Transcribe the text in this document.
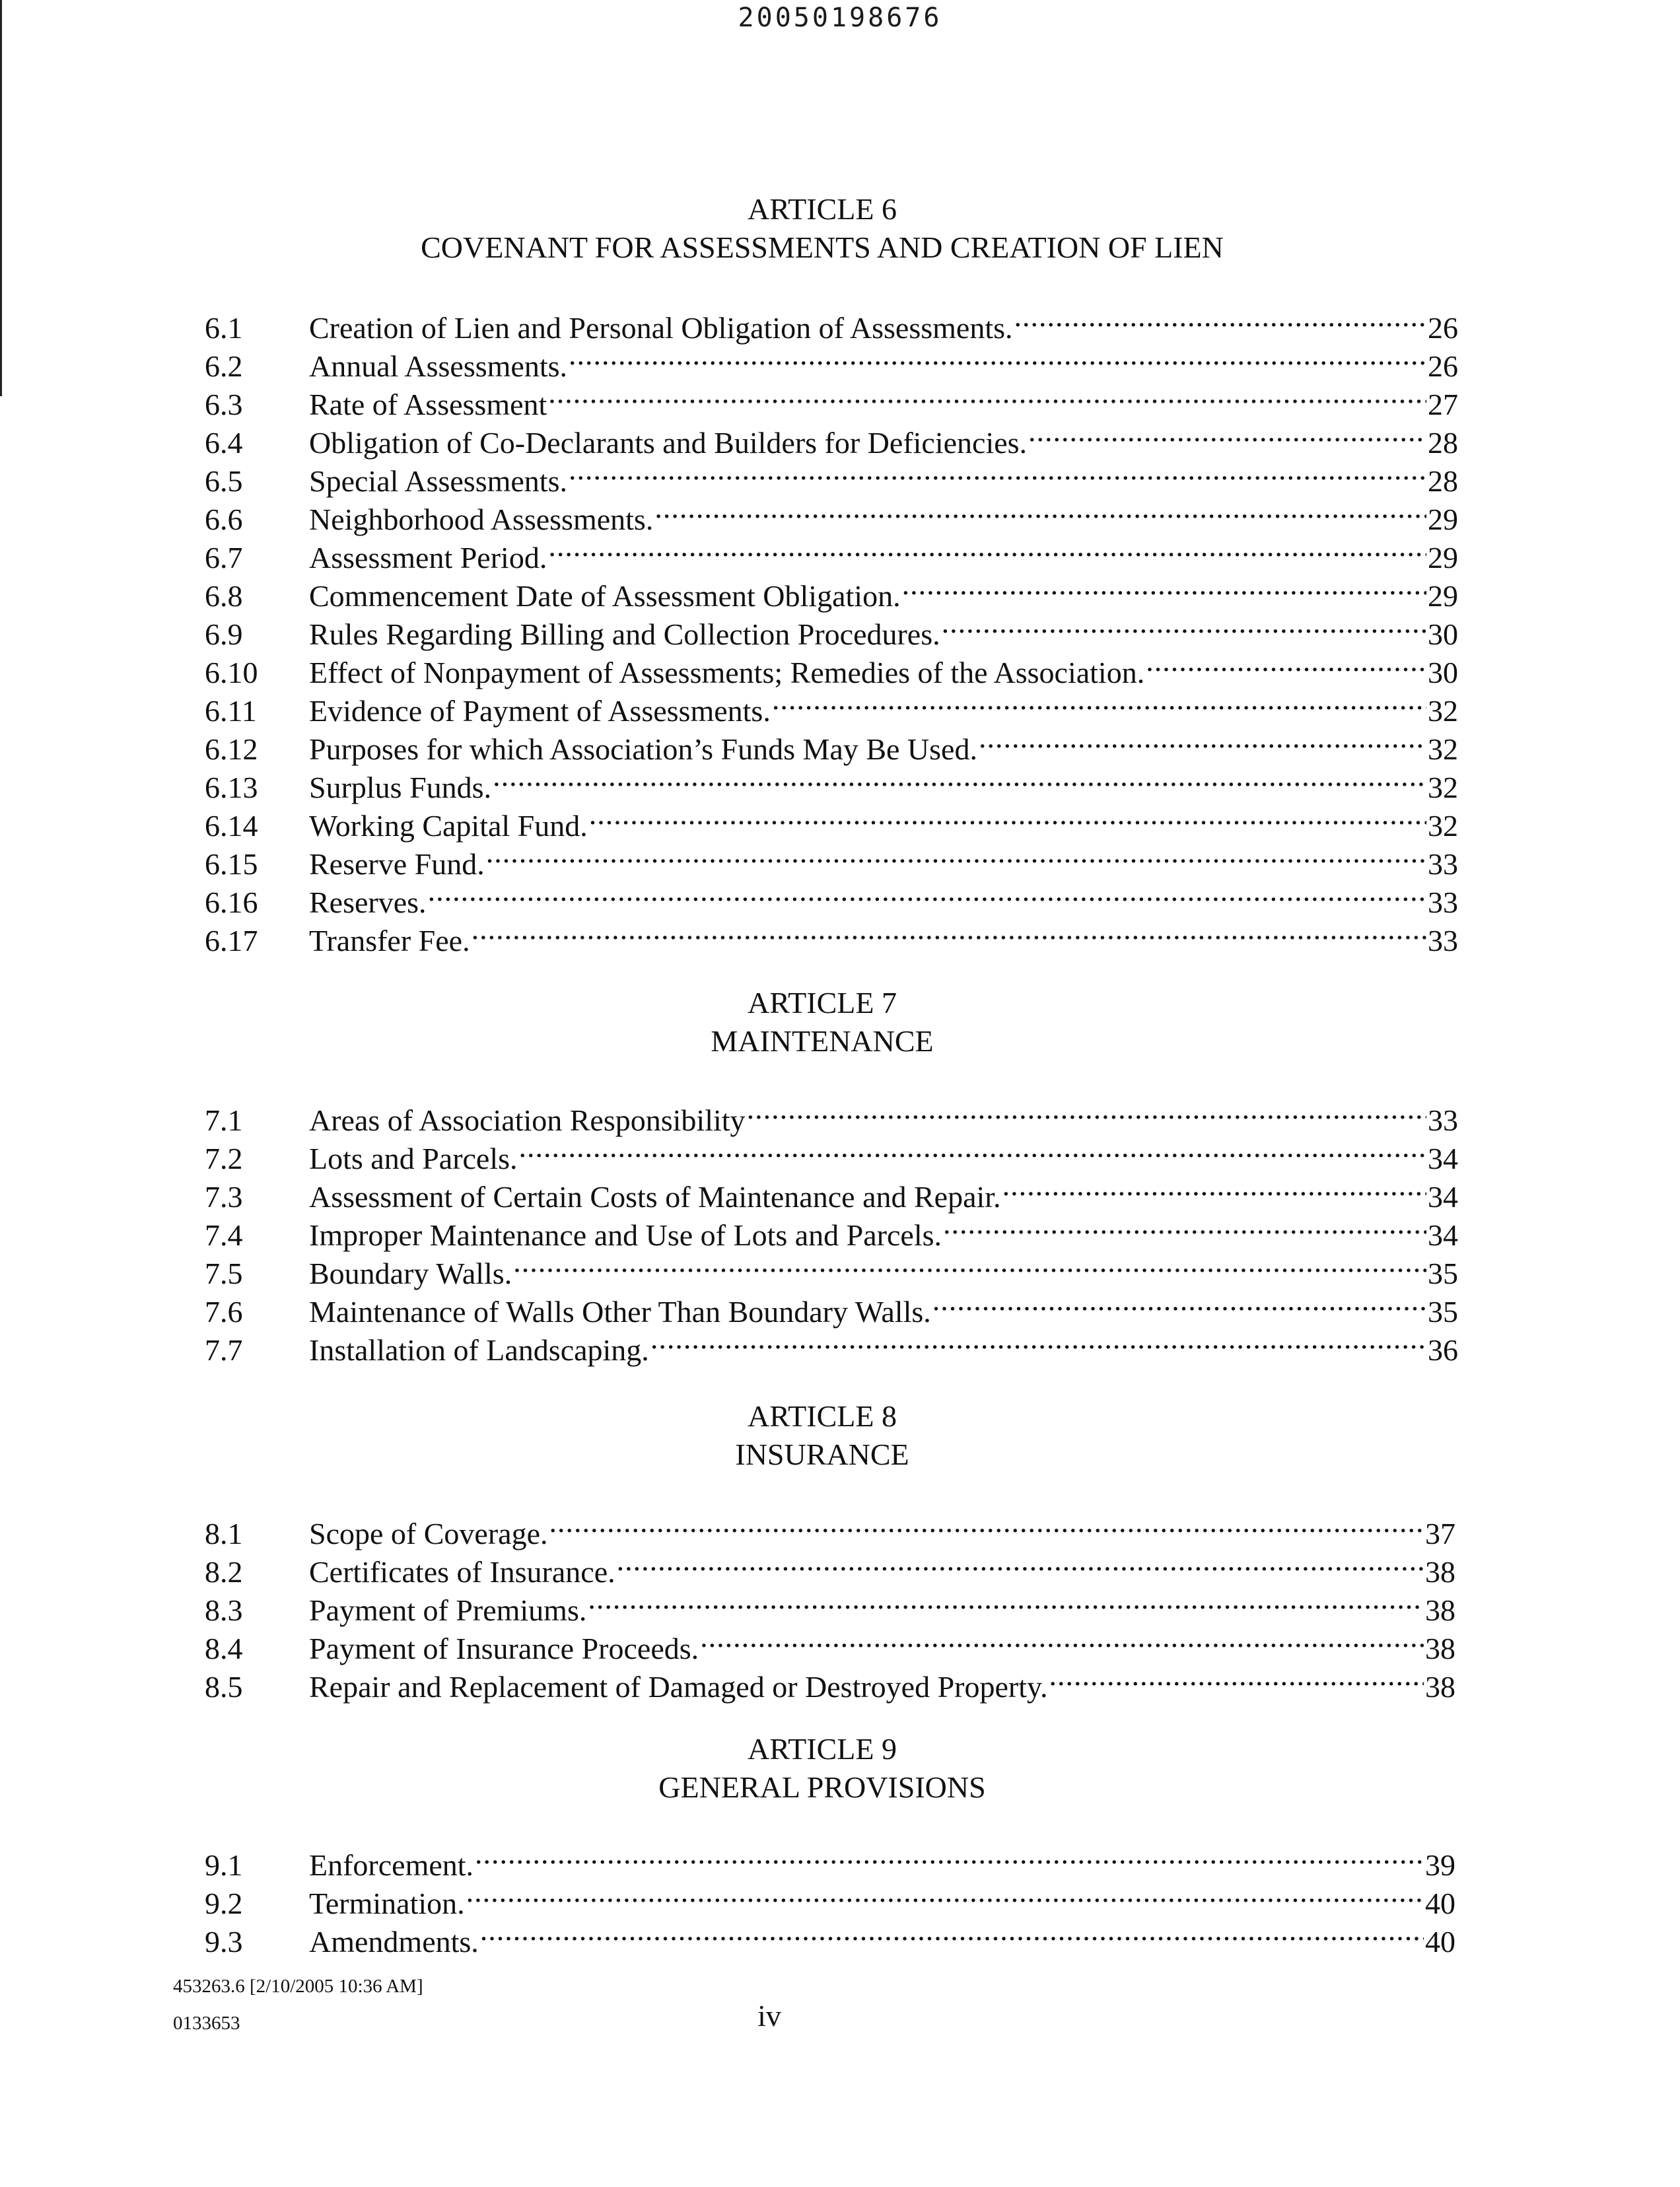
20050198676
ARTICLE 6
COVENANT FOR ASSESSMENTS AND CREATION OF LIEN
6.1	Creation of Lien and Personal Obligation of Assessments. .....	26
6.2	Annual Assessments. .....	26
6.3	Rate of Assessment .....	27
6.4	Obligation of Co-Declarants and Builders for Deficiencies. .....	28
6.5	Special Assessments. .....	28
6.6	Neighborhood Assessments. .....	29
6.7	Assessment Period. .....	29
6.8	Commencement Date of Assessment Obligation. .....	29
6.9	Rules Regarding Billing and Collection Procedures. .....	30
6.10	Effect of Nonpayment of Assessments; Remedies of the Association. .....	30
6.11	Evidence of Payment of Assessments. .....	32
6.12	Purposes for which Association’s Funds May Be Used. .....	32
6.13	Surplus Funds. .....	32
6.14	Working Capital Fund. .....	32
6.15	Reserve Fund. .....	33
6.16	Reserves. .....	33
6.17	Transfer Fee. .....	33
ARTICLE 7
MAINTENANCE
7.1	Areas of Association Responsibility .....	33
7.2	Lots and Parcels. .....	34
7.3	Assessment of Certain Costs of Maintenance and Repair. .....	34
7.4	Improper Maintenance and Use of Lots and Parcels. .....	34
7.5	Boundary Walls. .....	35
7.6	Maintenance of Walls Other Than Boundary Walls. .....	35
7.7	Installation of Landscaping. .....	36
ARTICLE 8
INSURANCE
8.1	Scope of Coverage. .....	37
8.2	Certificates of Insurance. .....	38
8.3	Payment of Premiums. .....	38
8.4	Payment of Insurance Proceeds. .....	38
8.5	Repair and Replacement of Damaged or Destroyed Property. .....	38
ARTICLE 9
GENERAL PROVISIONS
9.1	Enforcement. .....	39
9.2	Termination. .....	40
9.3	Amendments. .....	40
453263.6 [2/10/2005 10:36 AM]
0133653	iv
